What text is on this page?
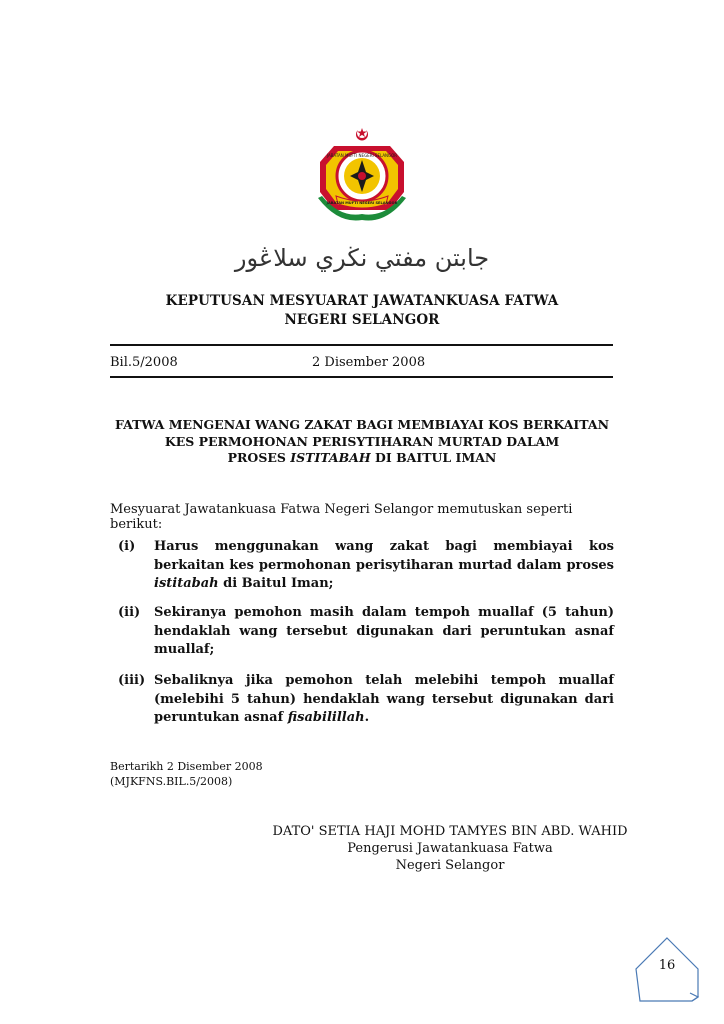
JABATAN MUFTI NEGERI SELANGOR
JABATAN MUFTI NEGERI SELANGOR
جابتن مفتي نڬري سلاڠور
KEPUTUSAN MESYUARAT JAWATANKUASA FATWA
NEGERI SELANGOR
Bil.5/2008	2 Disember 2008
FATWA MENGENAI WANG ZAKAT BAGI MEMBIAYAI KOS BERKAITAN
KES PERMOHONAN PERISYTIHARAN MURTAD DALAM
PROSES ISTITABAH DI BAITUL IMAN
Mesyuarat Jawatankuasa Fatwa Negeri Selangor memutuskan seperti berikut:
(i)	Harus menggunakan wang zakat bagi membiayai kos berkaitan kes permohonan perisytiharan murtad dalam proses istitabah di Baitul Iman;
(ii)	Sekiranya pemohon masih dalam tempoh muallaf (5 tahun) hendaklah wang tersebut digunakan dari peruntukan asnaf muallaf;
(iii) Sebaliknya jika pemohon telah melebihi tempoh muallaf (melebihi 5 tahun) hendaklah wang tersebut digunakan dari peruntukan asnaf fisabilillah.
Bertarikh 2 Disember 2008
(MJKFNS.BIL.5/2008)
DATO' SETIA HAJI MOHD TAMYES BIN ABD. WAHID
Pengerusi Jawatankuasa Fatwa
Negeri Selangor
16
